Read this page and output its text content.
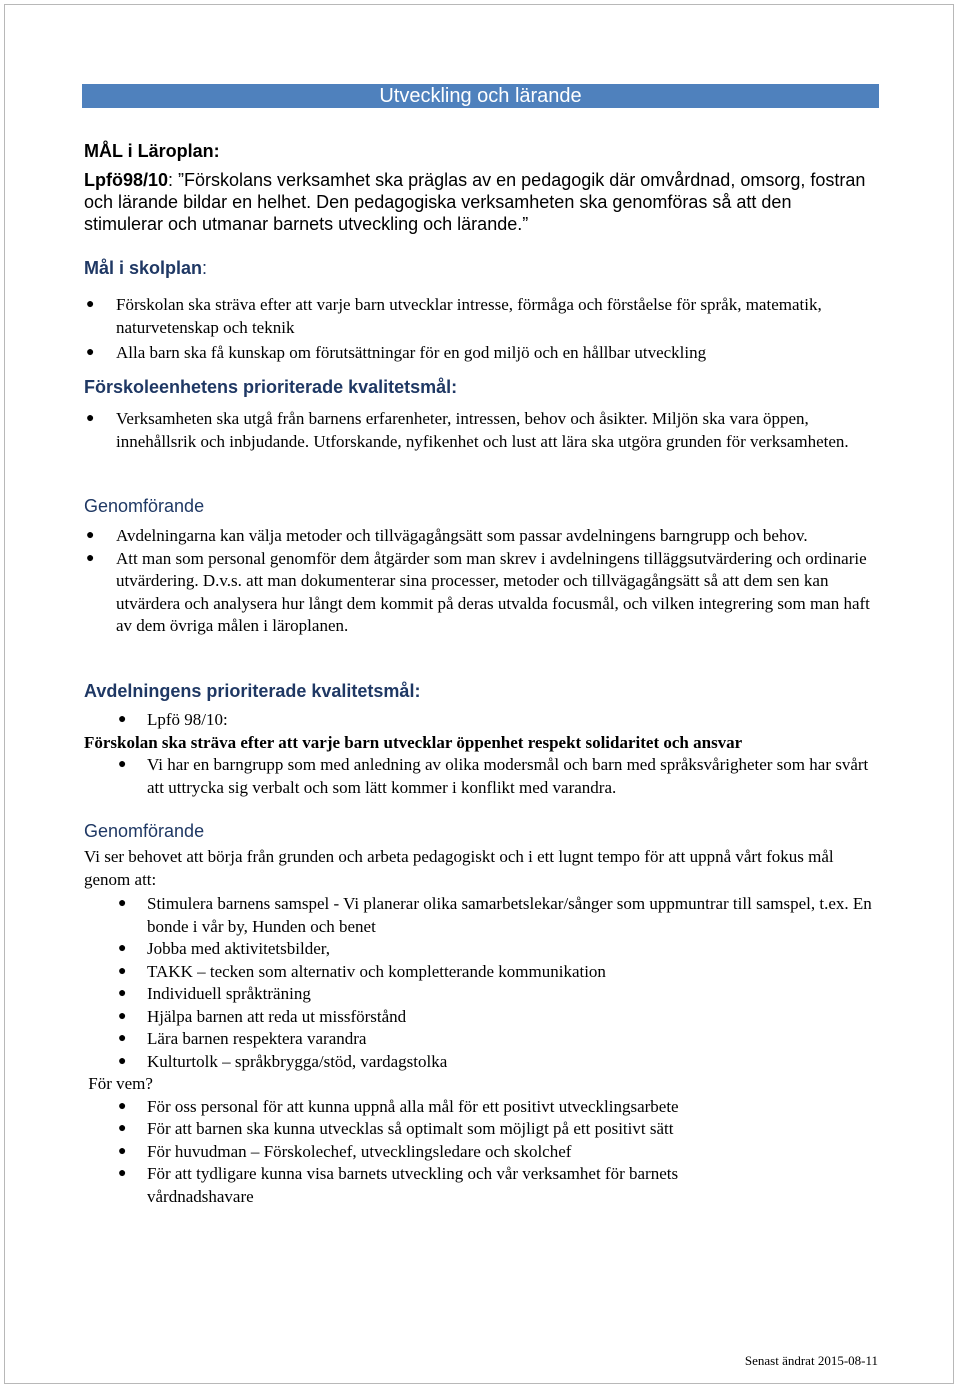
Utveckling och lärande
MÅL i Läroplan:

Lpfö98/10: ”Förskolans verksamhet ska präglas av en pedagogik där omvårdnad, omsorg, fostran och lärande bildar en helhet. Den pedagogiska verksamheten ska genomföras så att den stimulerar och utmanar barnets utveckling och lärande.”

Mål i skolplan:
● Förskolan ska sträva efter att varje barn utvecklar intresse, förmåga och förståelse för språk, matematik, naturvetenskap och teknik
● Alla barn ska få kunskap om förutsättningar för en god miljö och en hållbar utveckling
Förskoleenhetens prioriterade kvalitetsmål:
● Verksamheten ska utgå från barnens erfarenheter, intressen, behov och åsikter. Miljön ska vara öppen, innehållsrik och inbjudande. Utforskande, nyfikenhet och lust att lära ska utgöra grunden för verksamheten.
Genomförande
● Avdelningarna kan välja metoder och tillvägagångsätt som passar avdelningens barngrupp och behov.
● Att man som personal genomför dem åtgärder som man skrev i avdelningens tilläggsutvärdering och ordinarie utvärdering. D.v.s. att man dokumenterar sina processer, metoder och tillvägagångsätt så att dem sen kan utvärdera och analysera hur långt dem kommit på deras utvalda focusmål, och vilken integrering som man haft av dem övriga målen i läroplanen.
Avdelningens prioriterade kvalitetsmål:
● Lpfö 98/10:

Förskolan ska sträva efter att varje barn utvecklar öppenhet respekt solidaritet och ansvar

● Vi har en barngrupp som med anledning av olika modersmål och barn med språksvårigheter som har svårt att uttrycka sig verbalt och som lätt kommer i konflikt med varandra.
Genomförande

Vi ser behovet att börja från grunden och arbeta pedagogiskt och i ett lugnt tempo för att uppnå vårt fokus mål genom att:

● Stimulera barnens samspel - Vi planerar olika samarbetslekar/sånger som uppmuntrar till samspel, t.ex. En bonde i vår by, Hunden och benet
● Jobba med aktivitetsbilder,
● TAKK – tecken som alternativ och kompletterande kommunikation
● Individuell språkträning
● Hjälpa barnen att reda ut missförstånd
● Lära barnen respektera varandra
● Kulturtolk – språkbrygga/stöd, vardagstolka

För vem?

● För oss personal för att kunna uppnå alla mål för ett positivt utvecklingsarbete
● För att barnen ska kunna utvecklas så optimalt som möjligt på ett positivt sätt
● För huvudman – Förskolechef, utvecklingsledare och skolchef
● För att tydligare kunna visa barnets utveckling och vår verksamhet för barnets vårdnadshavare
Senast ändrat 2015-08-11
